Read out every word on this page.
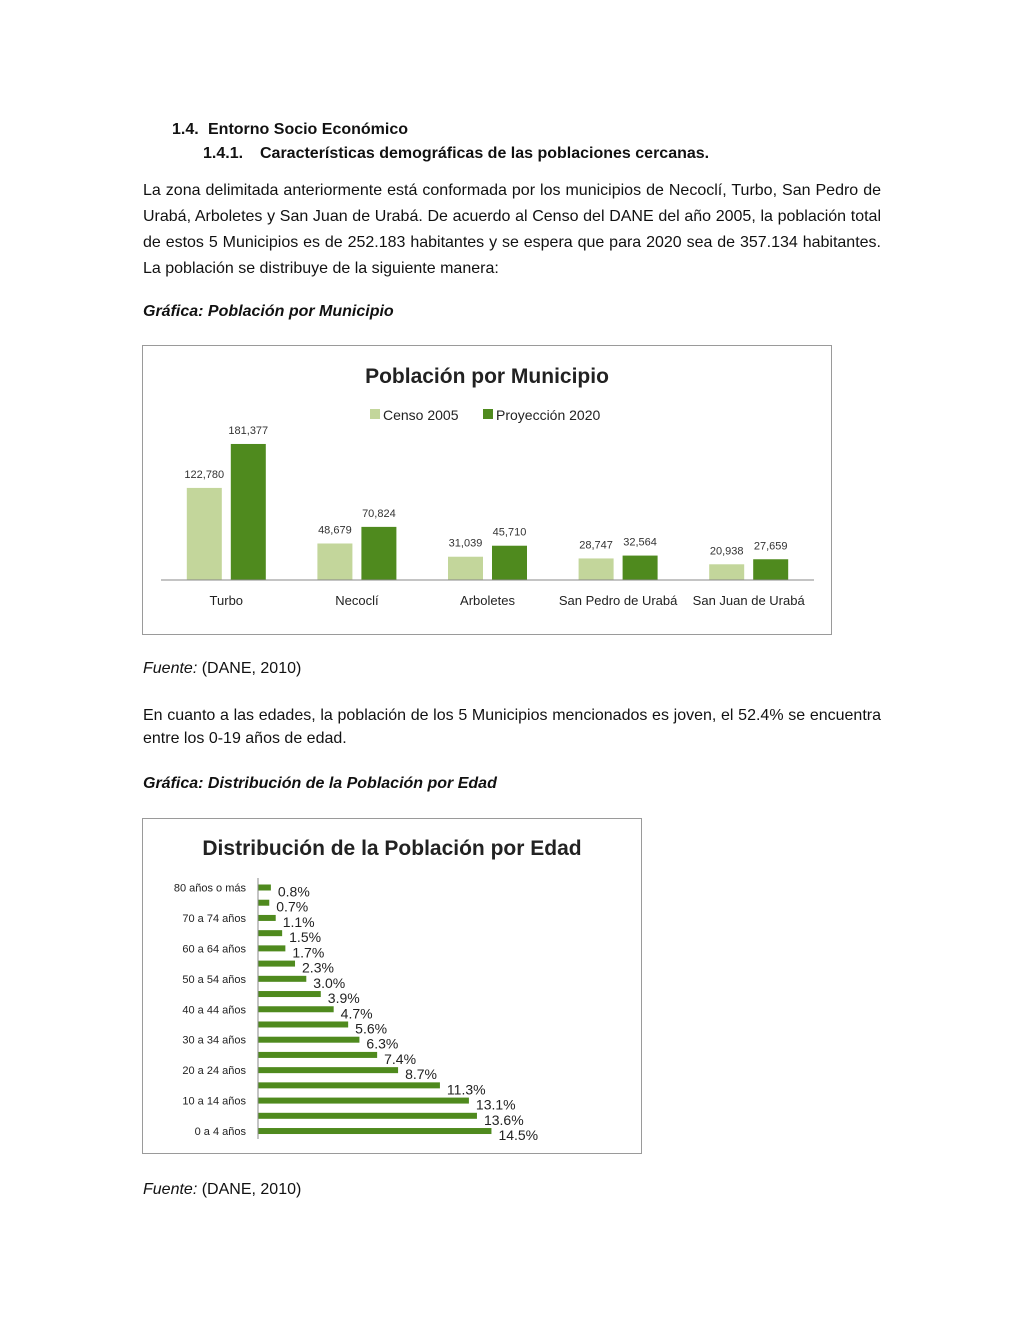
1.4. Entorno Socio Económico
1.4.1. Características demográficas de las poblaciones cercanas.
La zona delimitada anteriormente está conformada por los municipios de Necoclí, Turbo, San Pedro de Urabá, Arboletes y San Juan de Urabá. De acuerdo al Censo del DANE del año 2005, la población total de estos 5 Municipios es de 252.183 habitantes y se espera que para 2020 sea de 357.134 habitantes. La población se distribuye de la siguiente manera:
Gráfica: Población por Municipio
Población por Municipio
Censo 2005	Proyección 2020
122,780
181,377
Turbo
48,679
70,824
Necoclí
31,039
45,710
Arboletes
28,747 32,564
San Pedro de Urabá
20,938 27,659
San Juan de Urabá
Fuente: (DANE, 2010)
En cuanto a las edades, la población de los 5 Municipios mencionados es joven, el 52.4% se encuentra entre los 0-19 años de edad.
Gráfica: Distribución de la Población por Edad
Distribución de la Población por Edad
0.8%
0.7%
1.1%
1.5%
1.7%
2.3%
3.0%
3.9%
4.7%
5.6%
6.3%
7.4%
8.7%
11.3%
13.1%
13.6%
14.5%
80 años o más
70 a 74 años
60 a 64 años
50 a 54 años
40 a 44 años
30 a 34 años
20 a 24 años
10 a 14 años
0 a 4 años
Fuente: (DANE, 2010)
